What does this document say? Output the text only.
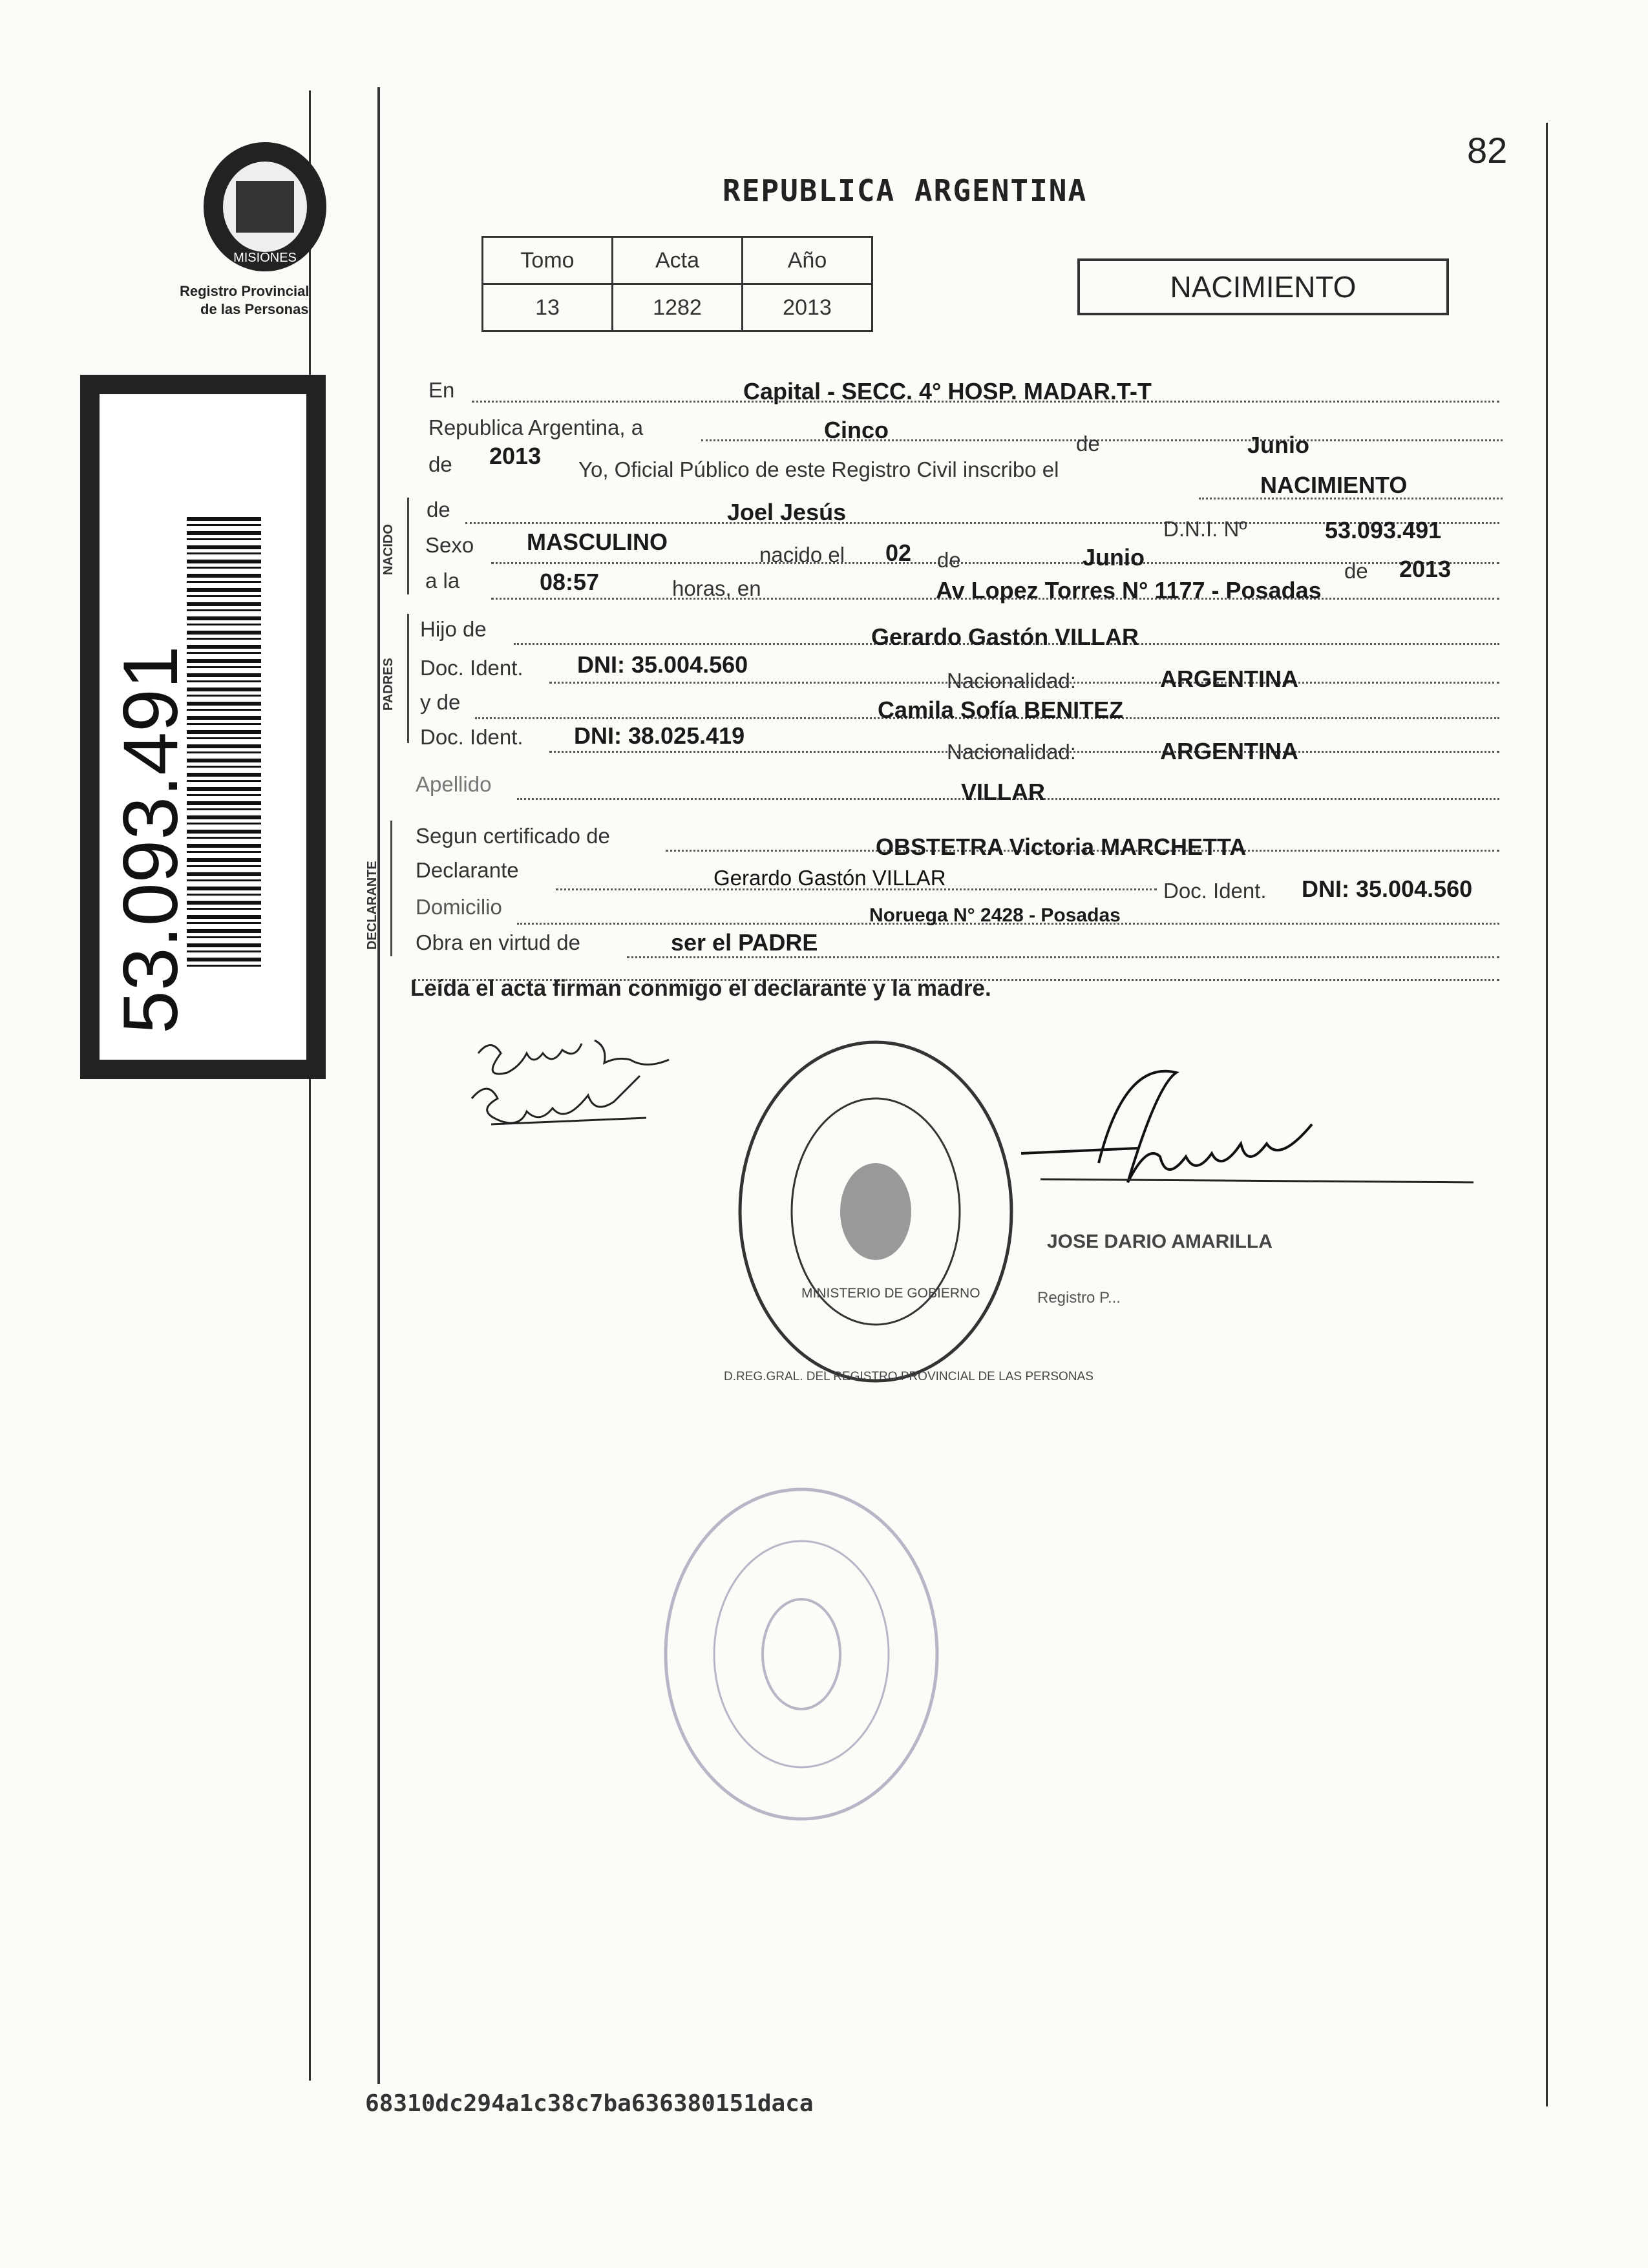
MISIONES
Registro Provincial
de las Personas
53.093.491
82
REPUBLICA ARGENTINA
Tomo	Acta	Año
13	1282	2013
NACIMIENTO
En	Capital - SECC. 4° HOSP. MADAR.T-T
Republica Argentina, a	Cinco
de	Junio
de 2013
Yo, Oficial Público de este Registro Civil inscribo el
NACIMIENTO
NACIDO
de	Joel Jesús
D.N.I. Nº	53.093.491
Sexo MASCULINO	nacido el 02 de	Junio
de 2013
a la	08:57	horas, en	Av Lopez Torres N° 1177 - Posadas
PADRES
Hijo de	Gerardo Gastón VILLAR
Doc. Ident. DNI: 35.004.560
Nacionalidad:	ARGENTINA
y de	Camila Sofía BENITEZ
Doc. Ident. DNI: 38.025.419
Nacionalidad:	ARGENTINA
Apellido	VILLAR
DECLARANTE
Segun certificado de	OBSTETRA Victoria MARCHETTA
Declarante	Gerardo Gastón VILLAR
Doc. Ident. DNI: 35.004.560
Domicilio	Noruega N° 2428 - Posadas
Obra en virtud de	ser el PADRE
Leída el acta firman conmigo el declarante y la madre.
D.REG.GRAL. DEL REGISTRO PROVINCIAL DE LAS PERSONAS
MINISTERIO DE GOBIERNO
JOSE DARIO AMARILLA
Registro P...
68310dc294a1c38c7ba636380151daca
